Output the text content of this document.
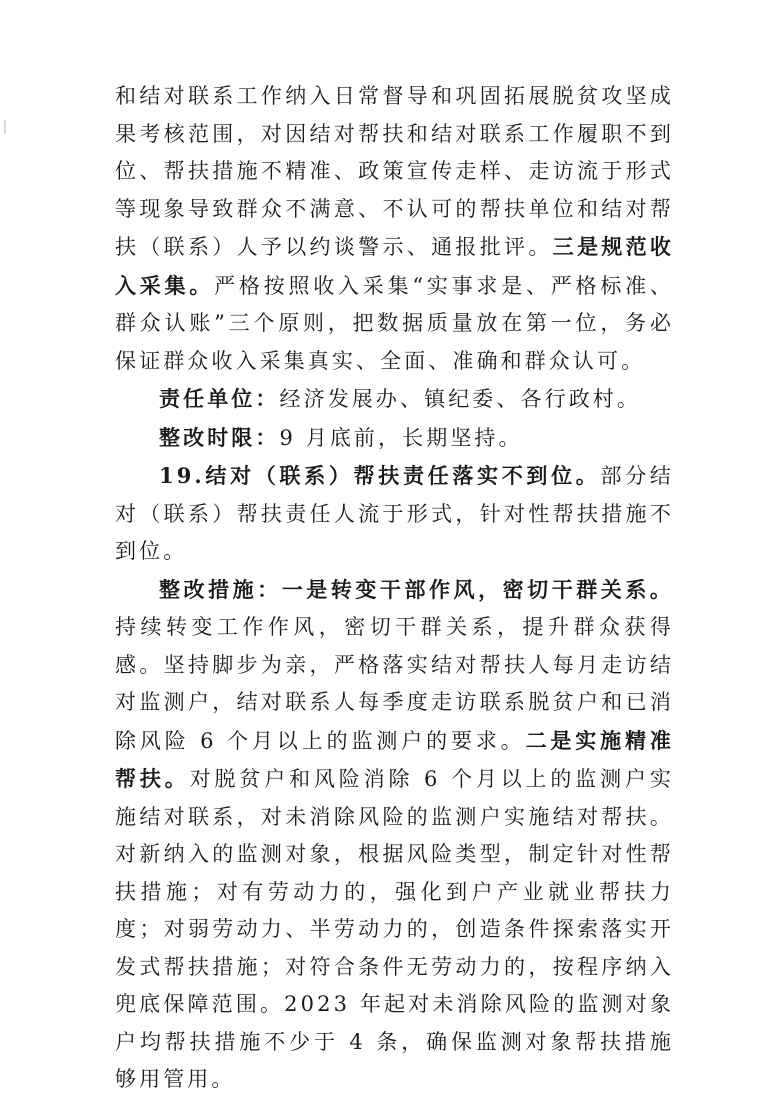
和结对联系工作纳入日常督导和巩固拓展脱贫攻坚成果考核范围，对因结对帮扶和结对联系工作履职不到位、帮扶措施不精准、政策宣传走样、走访流于形式等现象导致群众不满意、不认可的帮扶单位和结对帮扶（联系）人予以约谈警示、通报批评。三是规范收入采集。严格按照收入采集“实事求是、严格标准、群众认账”三个原则，把数据质量放在第一位，务必保证群众收入采集真实、全面、准确和群众认可。

责任单位：经济发展办、镇纪委、各行政村。

整改时限：9 月底前，长期坚持。

19.结对（联系）帮扶责任落实不到位。部分结对（联系）帮扶责任人流于形式，针对性帮扶措施不到位。

整改措施：一是转变干部作风，密切干群关系。持续转变工作作风，密切干群关系，提升群众获得感。坚持脚步为亲，严格落实结对帮扶人每月走访结对监测户，结对联系人每季度走访联系脱贫户和已消除风险 6 个月以上的监测户的要求。二是实施精准帮扶。对脱贫户和风险消除 6 个月以上的监测户实施结对联系，对未消除风险的监测户实施结对帮扶。对新纳入的监测对象，根据风险类型，制定针对性帮扶措施；对有劳动力的，强化到户产业就业帮扶力度；对弱劳动力、半劳动力的，创造条件探索落实开发式帮扶措施；对符合条件无劳动力的，按程序纳入兜底保障范围。2023 年起对未消除风险的监测对象户均帮扶措施不少于 4 条，确保监测对象帮扶措施够用管用。
